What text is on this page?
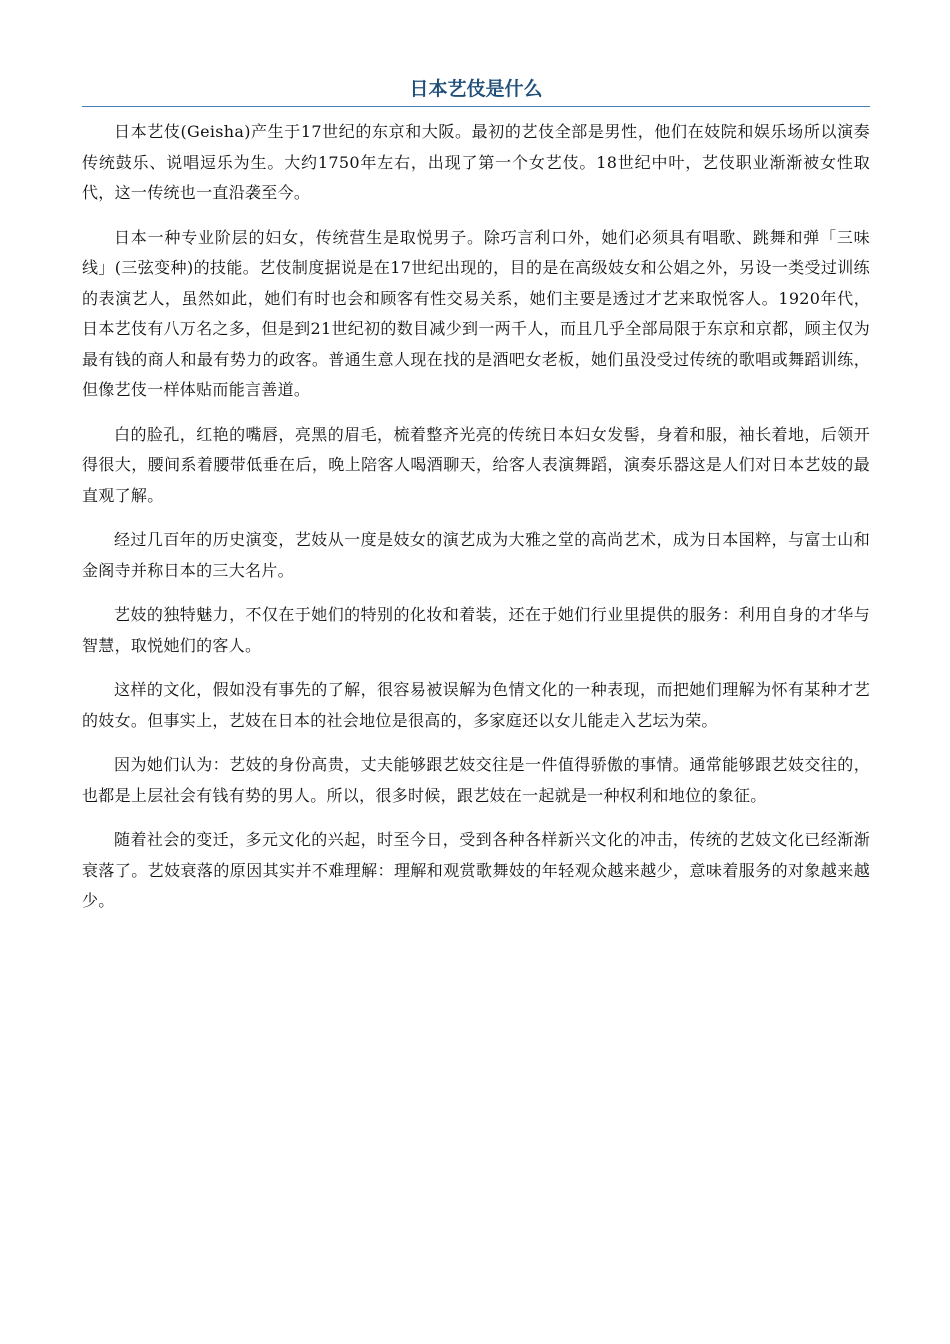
日本艺伎是什么

日本艺伎(Geisha)产生于17世纪的东京和大阪。最初的艺伎全部是男性，他们在妓院和娱乐场所以演奏传统鼓乐、说唱逗乐为生。大约1750年左右，出现了第一个女艺伎。18世纪中叶，艺伎职业渐渐被女性取代，这一传统也一直沿袭至今。

日本一种专业阶层的妇女，传统营生是取悦男子。除巧言利口外，她们必须具有唱歌、跳舞和弹「三味线」(三弦变种)的技能。艺伎制度据说是在17世纪出现的，目的是在高级妓女和公娼之外，另设一类受过训练的表演艺人，虽然如此，她们有时也会和顾客有性交易关系，她们主要是透过才艺来取悦客人。1920年代，日本艺伎有八万名之多，但是到21世纪初的数目减少到一两千人，而且几乎全部局限于东京和京都，顾主仅为最有钱的商人和最有势力的政客。普通生意人现在找的是酒吧女老板，她们虽没受过传统的歌唱或舞蹈训练，但像艺伎一样体贴而能言善道。

白的脸孔，红艳的嘴唇，亮黑的眉毛，梳着整齐光亮的传统日本妇女发髻，身着和服，袖长着地，后领开得很大，腰间系着腰带低垂在后，晚上陪客人喝酒聊天，给客人表演舞蹈，演奏乐器这是人们对日本艺妓的最直观了解。

经过几百年的历史演变，艺妓从一度是妓女的演艺成为大雅之堂的高尚艺术，成为日本国粹，与富士山和金阁寺并称日本的三大名片。

艺妓的独特魅力，不仅在于她们的特别的化妆和着装，还在于她们行业里提供的服务：利用自身的才华与智慧，取悦她们的客人。

这样的文化，假如没有事先的了解，很容易被误解为色情文化的一种表现，而把她们理解为怀有某种才艺的妓女。但事实上，艺妓在日本的社会地位是很高的，多家庭还以女儿能走入艺坛为荣。

因为她们认为：艺妓的身份高贵，丈夫能够跟艺妓交往是一件值得骄傲的事情。通常能够跟艺妓交往的，也都是上层社会有钱有势的男人。所以，很多时候，跟艺妓在一起就是一种权利和地位的象征。

随着社会的变迁，多元文化的兴起，时至今日，受到各种各样新兴文化的冲击，传统的艺妓文化已经渐渐衰落了。艺妓衰落的原因其实并不难理解：理解和观赏歌舞妓的年轻观众越来越少，意味着服务的对象越来越少。
